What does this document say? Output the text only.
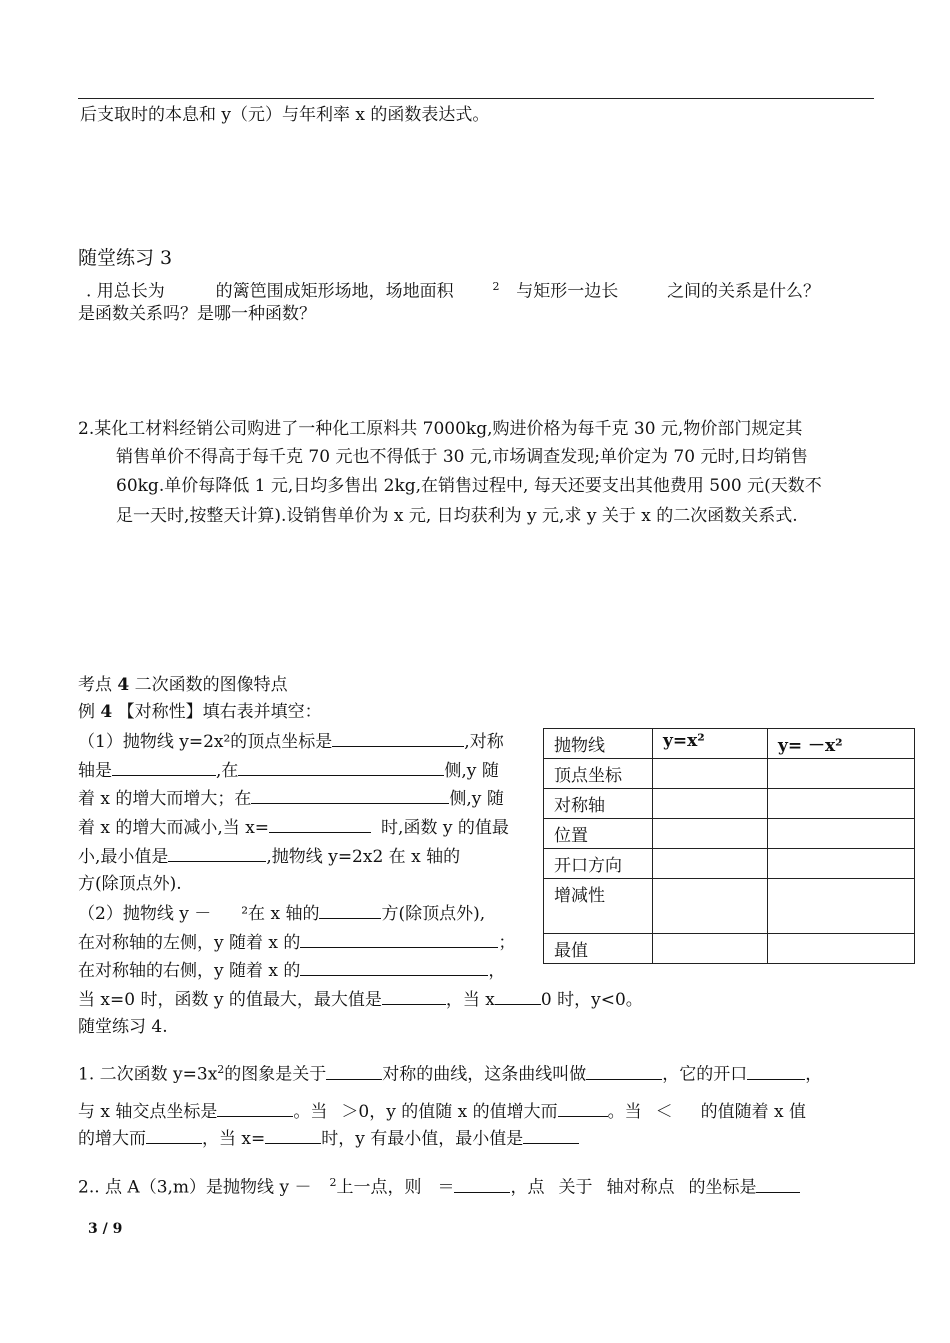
后支取时的本息和 y（元）与年利率 x 的函数表达式。
随堂练习 3
. 用总长为	的篱笆围成矩形场地，场地面积	$^2$ 与矩形一边长	之间的关系是什么？
是函数关系吗？是哪一种函数？
2.某化工材料经销公司购进了一种化工原料共 7000kg,购进价格为每千克 30 元,物价部门规定其
销售单价不得高于每千克 70 元也不得低于 30 元,市场调查发现;单价定为 70 元时,日均销售
60kg.单价每降低 1 元,日均多售出 2kg,在销售过程中, 每天还要支出其他费用 500 元(天数不
足一天时,按整天计算).设销售单价为 x 元, 日均获利为 y 元,求 y 关于 x 的二次函数关系式.
考点 4 二次函数的图像特点
例 4 【对称性】填右表并填空：
（1）抛物线 y=2x²的顶点坐标是	,对称
轴是	,在	侧,y 随
着 x 的增大而增大；在	侧,y 随
着 x 的增大而减小,当 x=	时,函数 y 的值最
小,最小值是	,抛物线 y=2x2 在 x 轴的
方(除顶点外).
（2）抛物线 y － ²在 x 轴的	方(除顶点外),
在对称轴的左侧，y 随着 x 的	；
在对称轴的右侧，y 随着 x 的	，
当 x=0 时，函数 y 的值最大，最大值是	，当 x	0 时，y<0。
抛物线	y=x²	y= －x²
顶点坐标		
对称轴		
位置		
开口方向		
增减性		
最值		
随堂练习 4.
1. 二次函数 $y=3x^2$的图象是关于	对称的曲线，这条曲线叫做	，它的开口	，
与 x 轴交点坐标是	。当 ＞0，y 的值随 x 的值增大而	。当 ＜ 的值随着 x 值
的增大而	，当 x=	时，y 有最小值，最小值是
2.. 点 A（3,m）是抛物线 y － $^2$上一点，则 ＝	，点 关于 轴对称点 的坐标是
3 / 9
